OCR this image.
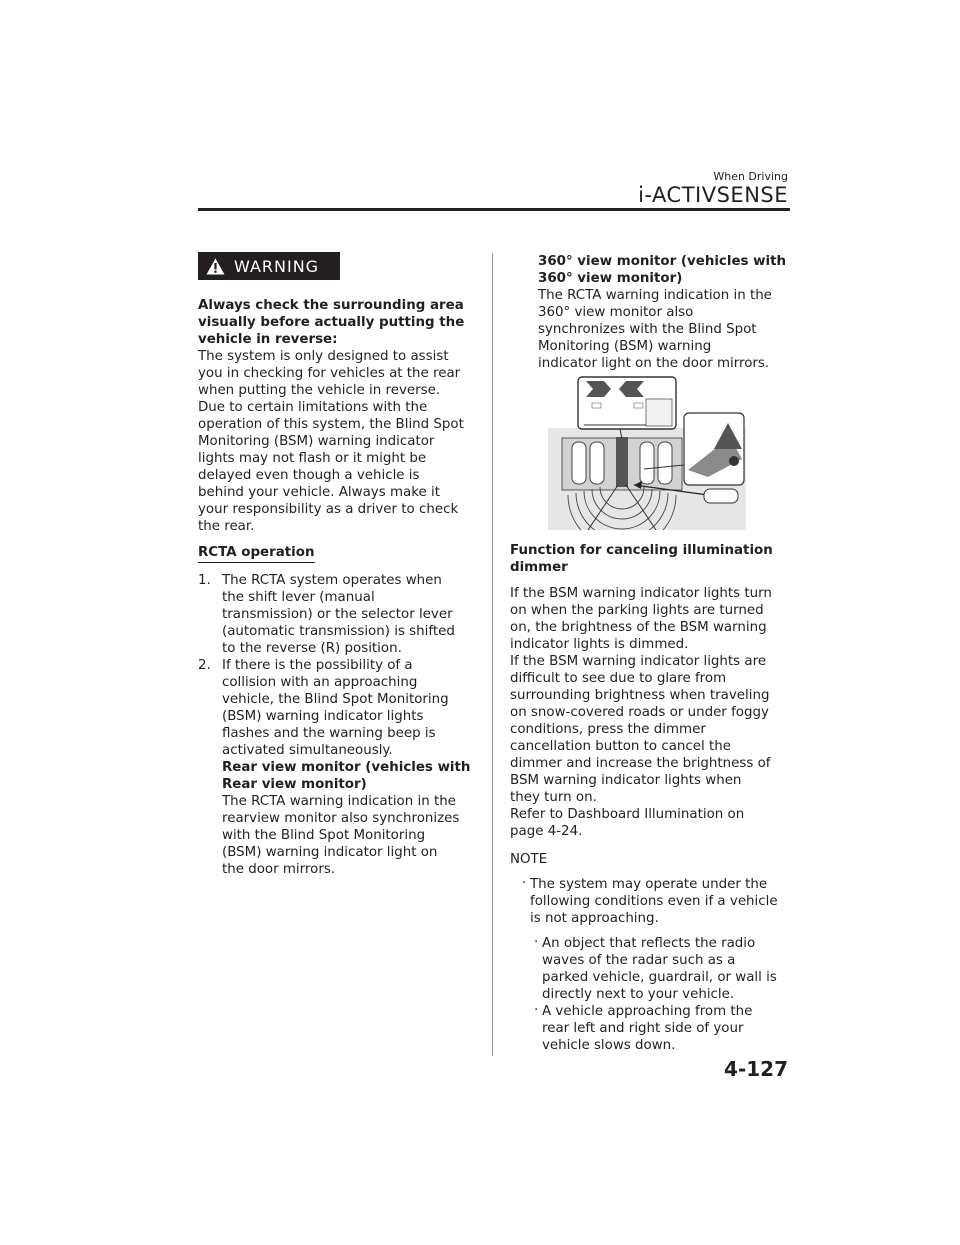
When Driving
i-ACTIVSENSE
WARNING

Always check the surrounding area

visually before actually putting the

vehicle in reverse:

The system is only designed to assist

you in checking for vehicles at the rear

when putting the vehicle in reverse.

Due to certain limitations with the

operation of this system, the Blind Spot

Monitoring (BSM) warning indicator

lights may not flash or it might be

delayed even though a vehicle is

behind your vehicle. Always make it

your responsibility as a driver to check

the rear.

RCTA operation
1. The RCTA system operates when

the shift lever (manual

transmission) or the selector lever

(automatic transmission) is shifted

to the reverse (R) position.

2. If there is the possibility of a

collision with an approaching

vehicle, the Blind Spot Monitoring

(BSM) warning indicator lights

flashes and the warning beep is

activated simultaneously.

Rear view monitor (vehicles with

Rear view monitor)

The RCTA warning indication in the

rearview monitor also synchronizes

with the Blind Spot Monitoring

(BSM) warning indicator light on

the door mirrors.

360° view monitor (vehicles with

360° view monitor)

The RCTA warning indication in the

360° view monitor also

synchronizes with the Blind Spot

Monitoring (BSM) warning

indicator light on the door mirrors.

Function for canceling illumination

dimmer

If the BSM warning indicator lights turn

on when the parking lights are turned

on, the brightness of the BSM warning

indicator lights is dimmed.

If the BSM warning indicator lights are

difficult to see due to glare from

surrounding brightness when traveling

on snow-covered roads or under foggy

conditions, press the dimmer

cancellation button to cancel the

dimmer and increase the brightness of

BSM warning indicator lights when

they turn on.

Refer to Dashboard Illumination on

page 4-24.

NOTE

· The system may operate under the

following conditions even if a vehicle

is not approaching.

· An object that reflects the radio

waves of the radar such as a

parked vehicle, guardrail, or wall is

directly next to your vehicle.

· A vehicle approaching from the

rear left and right side of your

vehicle slows down.

4-127
